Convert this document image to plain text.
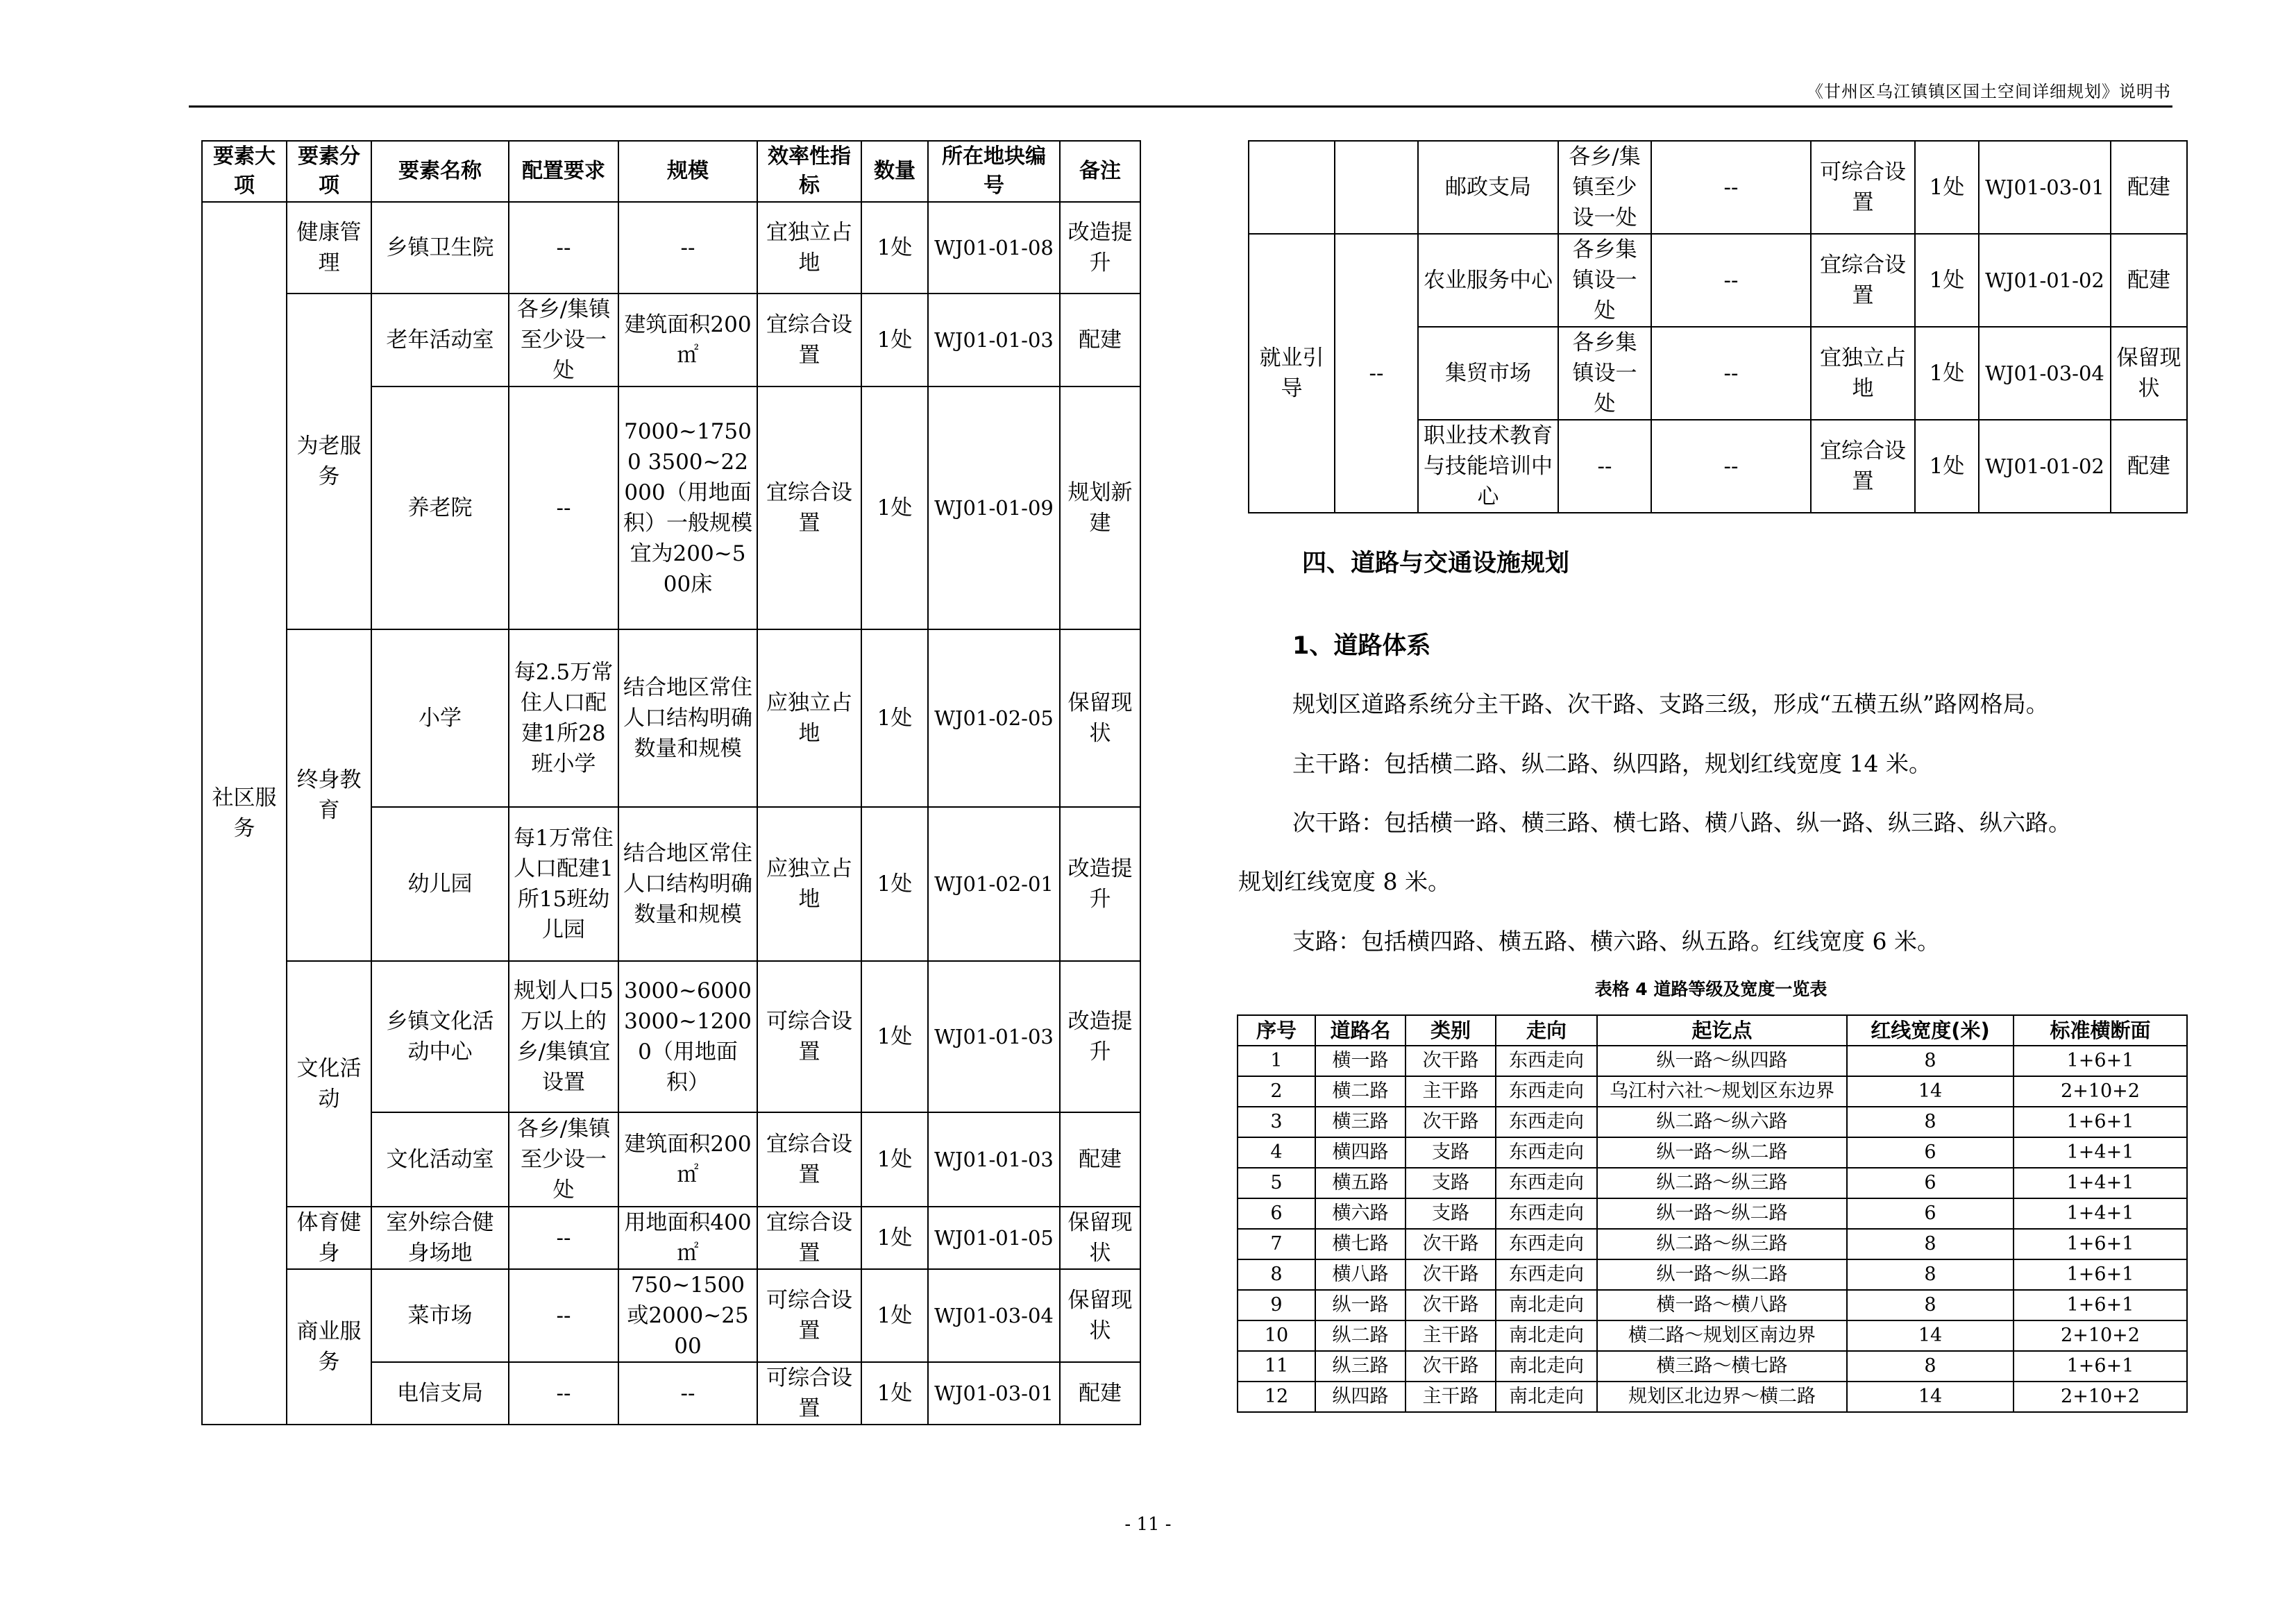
《甘州区乌江镇镇区国土空间详细规划》说明书
要素大项	要素分项	要素名称	配置要求	规模	效率性指标	数量	所在地块编号	备注
社区服务	健康管理	乡镇卫生院	--	--	宜独立占地	1处	WJ01-01-08	改造提升
	为老服务	老年活动室	各乡/集镇至少设一处	建筑面积200㎡	宜综合设置	1处	WJ01-01-03	配建
		养老院	--	7000~17500 3500~22000（用地面积）一般规模宜为200~500床	宜综合设置	1处	WJ01-01-09	规划新建
	终身教育	小学	每2.5万常住人口配建1所28班小学	结合地区常住人口结构明确数量和规模	应独立占地	1处	WJ01-02-05	保留现状
		幼儿园	每1万常住人口配建1所15班幼儿园	结合地区常住人口结构明确数量和规模	应独立占地	1处	WJ01-02-01	改造提升
	文化活动	乡镇文化活动中心	规划人口5万以上的乡/集镇宜设置	3000~6000 3000~12000（用地面积）	可综合设置	1处	WJ01-01-03	改造提升
		文化活动室	各乡/集镇至少设一处	建筑面积200㎡	宜综合设置	1处	WJ01-01-03	配建
	体育健身	室外综合健身场地	--	用地面积400㎡	宜综合设置	1处	WJ01-01-05	保留现状
	商业服务	菜市场	--	750~1500或2000~2500	可综合设置	1处	WJ01-03-04	保留现状
		电信支局	--	--	可综合设置	1处	WJ01-03-01	配建
		邮政支局	各乡/集镇至少设一处	--	可综合设置	1处	WJ01-03-01	配建
就业引导	--	农业服务中心	各乡集镇设一处	--	宜综合设置	1处	WJ01-01-02	配建
		集贸市场	各乡集镇设一处	--	宜独立占地	1处	WJ01-03-04	保留现状
		职业技术教育与技能培训中心	--	--	宜综合设置	1处	WJ01-01-02	配建
四、道路与交通设施规划
1、道路体系
规划区道路系统分主干路、次干路、支路三级，形成“五横五纵”路网格局。
主干路：包括横二路、纵二路、纵四路，规划红线宽度 14 米。
次干路：包括横一路、横三路、横七路、横八路、纵一路、纵三路、纵六路。
规划红线宽度 8 米。
支路：包括横四路、横五路、横六路、纵五路。红线宽度 6 米。
表格 4 道路等级及宽度一览表
序号	道路名	类别	走向	起讫点	红线宽度(米)	标准横断面
1	横一路	次干路	东西走向	纵一路～纵四路	8	1+6+1
2	横二路	主干路	东西走向	乌江村六社～规划区东边界	14	2+10+2
3	横三路	次干路	东西走向	纵二路～纵六路	8	1+6+1
4	横四路	支路	东西走向	纵一路～纵二路	6	1+4+1
5	横五路	支路	东西走向	纵二路～纵三路	6	1+4+1
6	横六路	支路	东西走向	纵一路～纵二路	6	1+4+1
7	横七路	次干路	东西走向	纵二路～纵三路	8	1+6+1
8	横八路	次干路	东西走向	纵一路～纵二路	8	1+6+1
9	纵一路	次干路	南北走向	横一路～横八路	8	1+6+1
10	纵二路	主干路	南北走向	横二路～规划区南边界	14	2+10+2
11	纵三路	次干路	南北走向	横三路～横七路	8	1+6+1
12	纵四路	主干路	南北走向	规划区北边界～横二路	14	2+10+2
- 11 -
